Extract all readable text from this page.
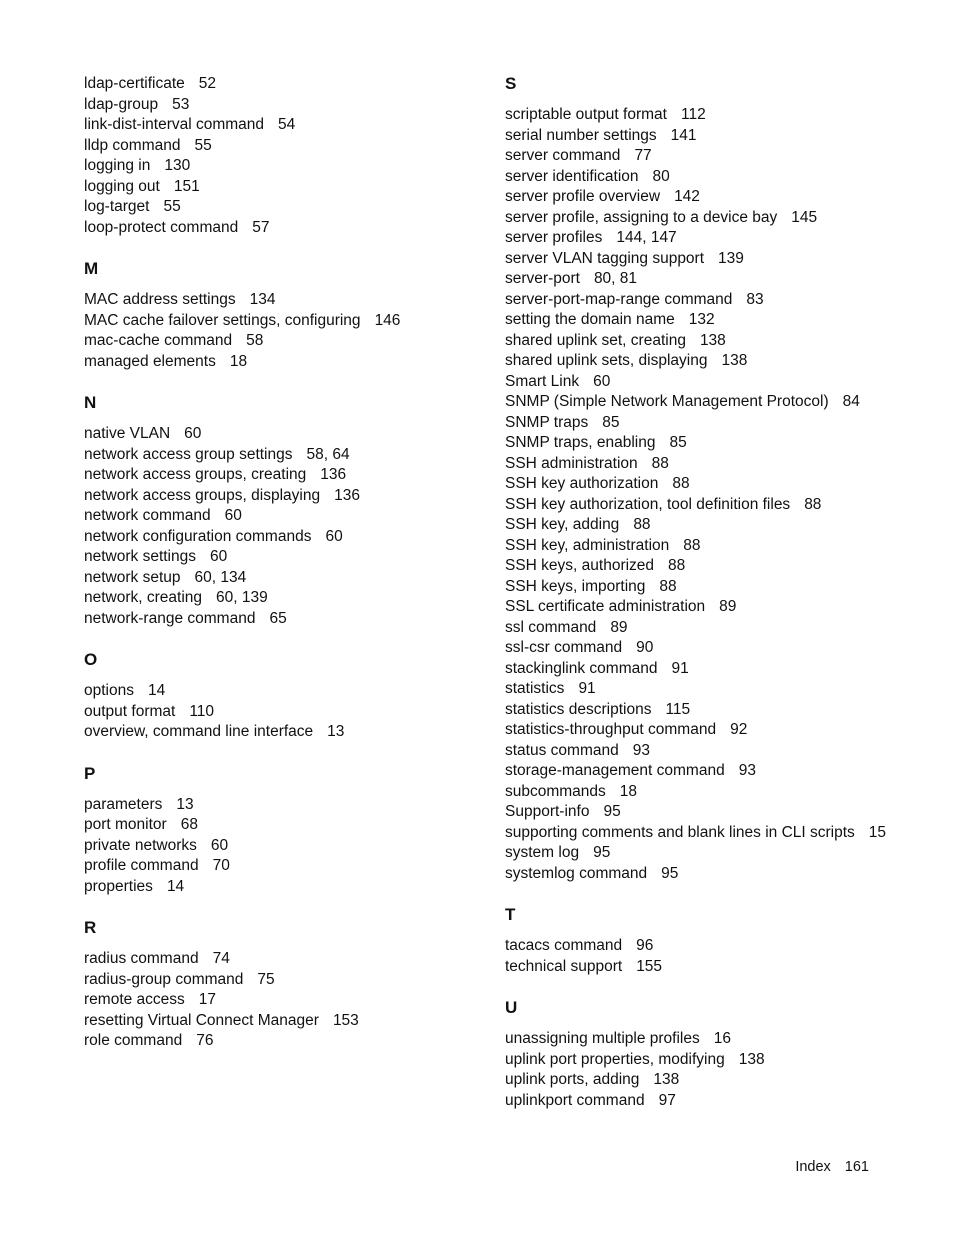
ldap-certificate 52
ldap-group 53
link-dist-interval command 54
lldp command 55
logging in 130
logging out 151
log-target 55
loop-protect command 57
M
MAC address settings 134
MAC cache failover settings, configuring 146
mac-cache command 58
managed elements 18
N
native VLAN 60
network access group settings 58, 64
network access groups, creating 136
network access groups, displaying 136
network command 60
network configuration commands 60
network settings 60
network setup 60, 134
network, creating 60, 139
network-range command 65
O
options 14
output format 110
overview, command line interface 13
P
parameters 13
port monitor 68
private networks 60
profile command 70
properties 14
R
radius command 74
radius-group command 75
remote access 17
resetting Virtual Connect Manager 153
role command 76
S
scriptable output format 112
serial number settings 141
server command 77
server identification 80
server profile overview 142
server profile, assigning to a device bay 145
server profiles 144, 147
server VLAN tagging support 139
server-port 80, 81
server-port-map-range command 83
setting the domain name 132
shared uplink set, creating 138
shared uplink sets, displaying 138
Smart Link 60
SNMP (Simple Network Management Protocol) 84
SNMP traps 85
SNMP traps, enabling 85
SSH administration 88
SSH key authorization 88
SSH key authorization, tool definition files 88
SSH key, adding 88
SSH key, administration 88
SSH keys, authorized 88
SSH keys, importing 88
SSL certificate administration 89
ssl command 89
ssl-csr command 90
stackinglink command 91
statistics 91
statistics descriptions 115
statistics-throughput command 92
status command 93
storage-management command 93
subcommands 18
Support-info 95
supporting comments and blank lines in CLI scripts 15
system log 95
systemlog command 95
T
tacacs command 96
technical support 155
U
unassigning multiple profiles 16
uplink port properties, modifying 138
uplink ports, adding 138
uplinkport command 97
Index 161
